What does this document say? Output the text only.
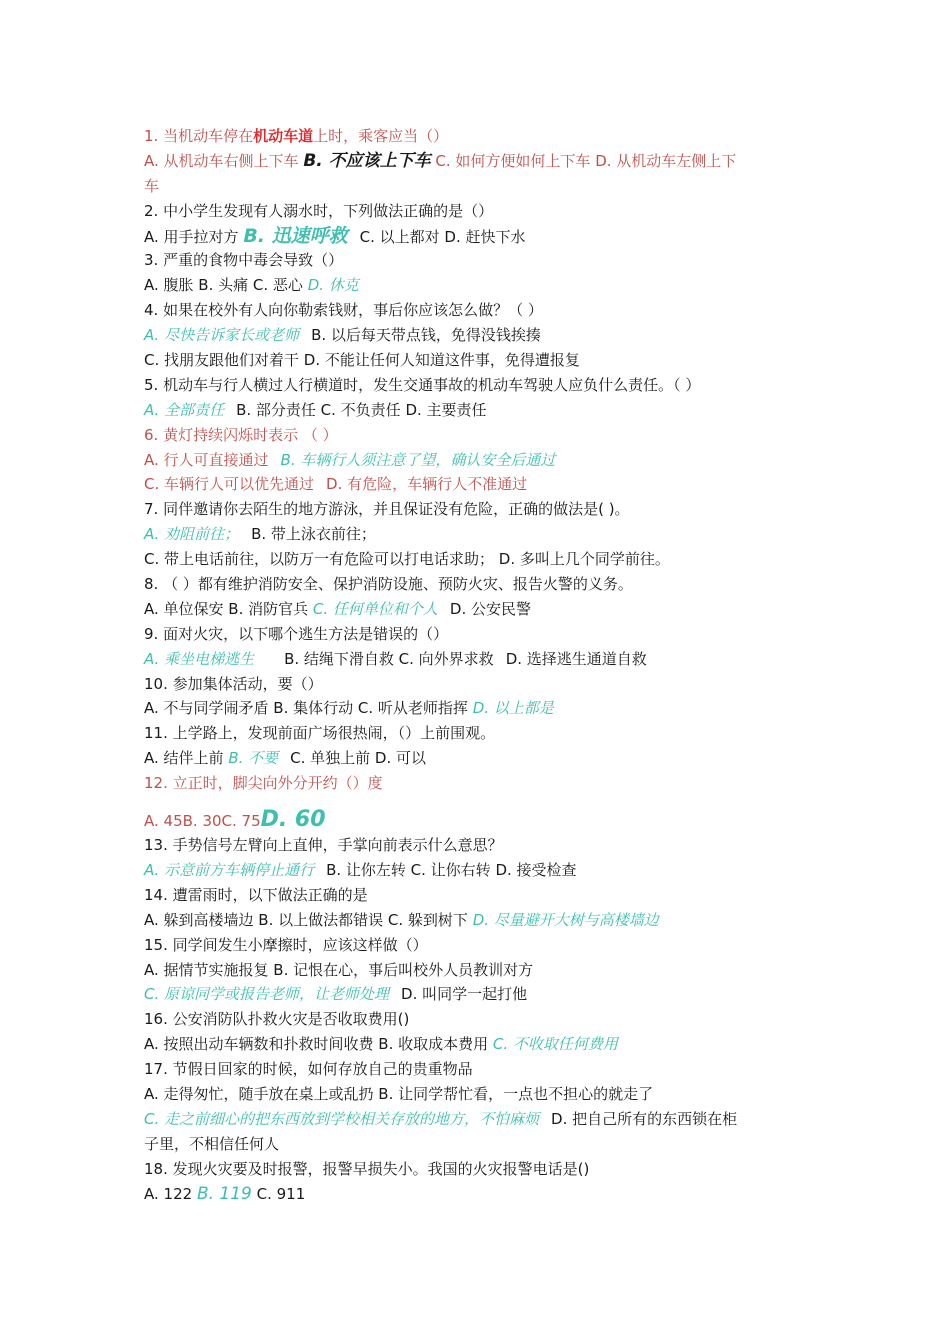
1. 当机动车停在机动车道上时，乘客应当（）
A. 从机动车右侧上下车 B. 不应该上下车 C. 如何方便如何上下车 D. 从机动车左侧上下
车
2. 中小学生发现有人溺水时，下列做法正确的是（）
A. 用手拉对方 B. 迅速呼救 C. 以上都对 D. 赶快下水
3. 严重的食物中毒会导致（）
A. 腹胀 B. 头痛 C. 恶心 D. 休克
4. 如果在校外有人向你勒索钱财，事后你应该怎么做？（ ）
A. 尽快告诉家长或老师 B. 以后每天带点钱，免得没钱挨揍
C. 找朋友跟他们对着干 D. 不能让任何人知道这件事，免得遭报复
5. 机动车与行人横过人行横道时，发生交通事故的机动车驾驶人应负什么责任。（ ）
A. 全部责任 B. 部分责任 C. 不负责任 D. 主要责任
6. 黄灯持续闪烁时表示 （ ）
A. 行人可直接通过 B. 车辆行人须注意了望，确认安全后通过
C. 车辆行人可以优先通过 D. 有危险，车辆行人不准通过
7. 同伴邀请你去陌生的地方游泳，并且保证没有危险，正确的做法是( )。
A. 劝阻前往； B. 带上泳衣前往；
C. 带上电话前往，以防万一有危险可以打电话求助； D. 多叫上几个同学前往。
8. （ ）都有维护消防安全、保护消防设施、预防火灾、报告火警的义务。
A. 单位保安 B. 消防官兵 C. 任何单位和个人 D. 公安民警
9. 面对火灾，以下哪个逃生方法是错误的（）
A. 乘坐电梯逃生 B. 结绳下滑自救 C. 向外界求救 D. 选择逃生通道自救
10. 参加集体活动，要（）
A. 不与同学闹矛盾 B. 集体行动 C. 听从老师指挥 D. 以上都是
11. 上学路上，发现前面广场很热闹，（）上前围观。
A. 结伴上前 B. 不要 C. 单独上前 D. 可以
12. 立正时，脚尖向外分开约（）度
A. 45B. 30C. 75D. 60
13. 手势信号左臂向上直伸，手掌向前表示什么意思？
A. 示意前方车辆停止通行 B. 让你左转 C. 让你右转 D. 接受检查
14. 遭雷雨时，以下做法正确的是
A. 躲到高楼墙边 B. 以上做法都错误 C. 躲到树下 D. 尽量避开大树与高楼墙边
15. 同学间发生小摩擦时，应该这样做（）
A. 据情节实施报复 B. 记恨在心，事后叫校外人员教训对方
C. 原谅同学或报告老师，让老师处理 D. 叫同学一起打他
16. 公安消防队扑救火灾是否收取费用()
A. 按照出动车辆数和扑救时间收费 B. 收取成本费用 C. 不收取任何费用
17. 节假日回家的时候，如何存放自己的贵重物品
A. 走得匆忙，随手放在桌上或乱扔 B. 让同学帮忙看，一点也不担心的就走了
C. 走之前细心的把东西放到学校相关存放的地方，不怕麻烦 D. 把自己所有的东西锁在柜
子里，不相信任何人
18. 发现火灾要及时报警，报警早损失小。我国的火灾报警电话是()
A. 122 B. 119 C. 911
